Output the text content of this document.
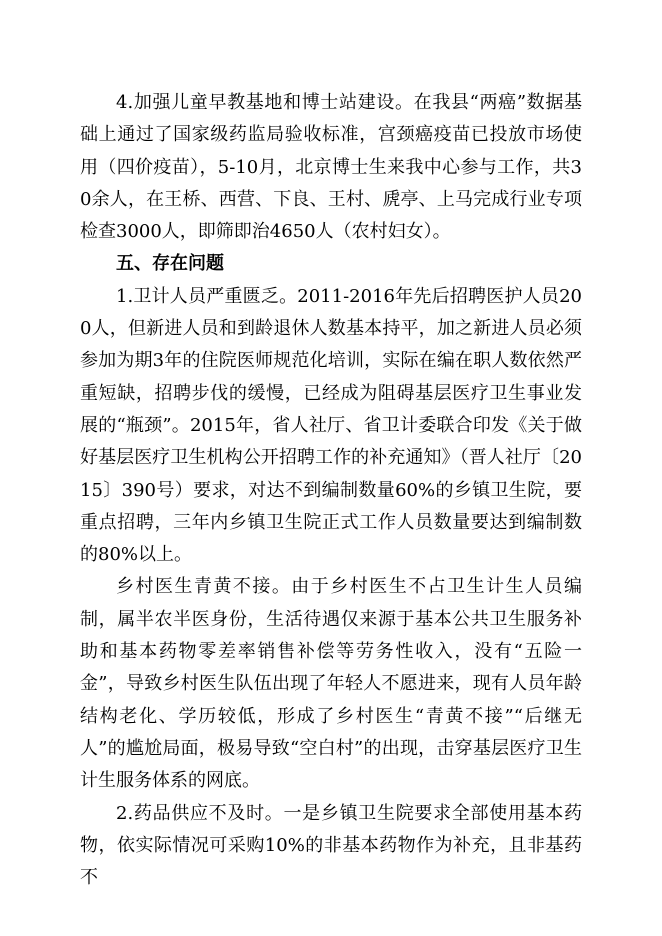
4.加强儿童早教基地和博士站建设。在我县“两癌”数据基础上通过了国家级药监局验收标准，宫颈癌疫苗已投放市场使用（四价疫苗），5-10月，北京博士生来我中心参与工作，共30余人，在王桥、西营、下良、王村、虒亭、上马完成行业专项检查3000人，即筛即治4650人（农村妇女）。

五、存在问题

1.卫计人员严重匮乏。2011-2016年先后招聘医护人员200人，但新进人员和到龄退休人数基本持平，加之新进人员必须参加为期3年的住院医师规范化培训，实际在编在职人数依然严重短缺，招聘步伐的缓慢，已经成为阻碍基层医疗卫生事业发展的“瓶颈”。2015年，省人社厅、省卫计委联合印发《关于做好基层医疗卫生机构公开招聘工作的补充通知》（晋人社厅〔2015〕390号）要求，对达不到编制数量60%的乡镇卫生院，要重点招聘，三年内乡镇卫生院正式工作人员数量要达到编制数的80%以上。

乡村医生青黄不接。由于乡村医生不占卫生计生人员编制，属半农半医身份，生活待遇仅来源于基本公共卫生服务补助和基本药物零差率销售补偿等劳务性收入，没有“五险一金”，导致乡村医生队伍出现了年轻人不愿进来，现有人员年龄结构老化、学历较低，形成了乡村医生“青黄不接”“后继无人”的尴尬局面，极易导致“空白村”的出现，击穿基层医疗卫生计生服务体系的网底。

2.药品供应不及时。一是乡镇卫生院要求全部使用基本药物，依实际情况可采购10%的非基本药物作为补充，且非基药不
